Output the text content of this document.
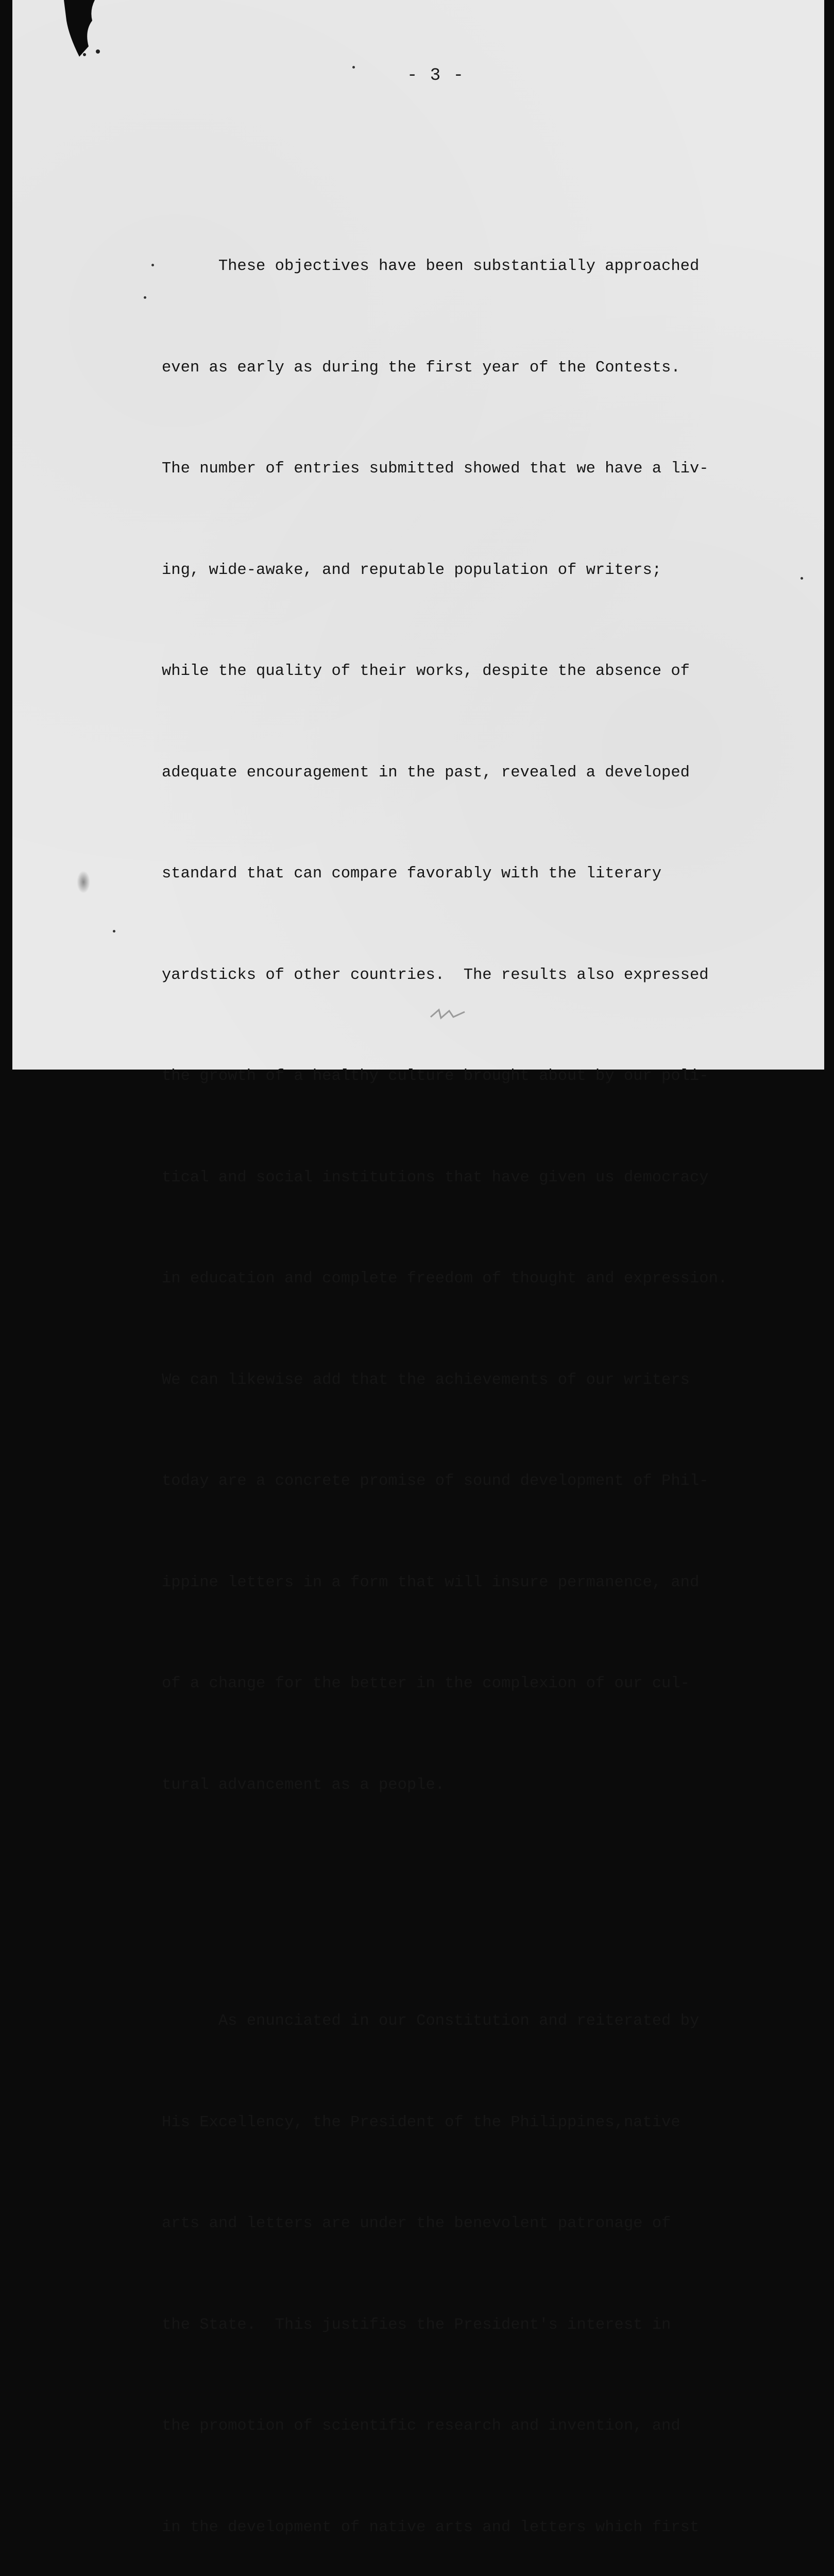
- 3 -

These objectives have been substantially approached

even as early as during the first year of the Contests.

The number of entries submitted showed that we have a liv-

ing, wide-awake, and reputable population of writers;

while the quality of their works, despite the absence of

adequate encouragement in the past, revealed a developed

standard that can compare favorably with the literary

yardsticks of other countries.  The results also expressed

the growth of a healthy culture brought about by our poli-

tical and social institutions that have given us democracy

in education and complete freedom of thought and expression.

We can likewise add that the achievements of our writers

today are a concrete promise of sound development of Phil-

ippine letters in a form that will insure permanence, and

of a change for the better in the complexion of our cul-

tural advancement as a people.

As enunciated in our Constitution and reiterated by

His Excellency, the President of the Philippines,native

arts and letters are under the benevolent patronage of

the State.  This justifies the President's interest in

the promotion of scientific research and invention, and

in the development of native arts and letters which first
